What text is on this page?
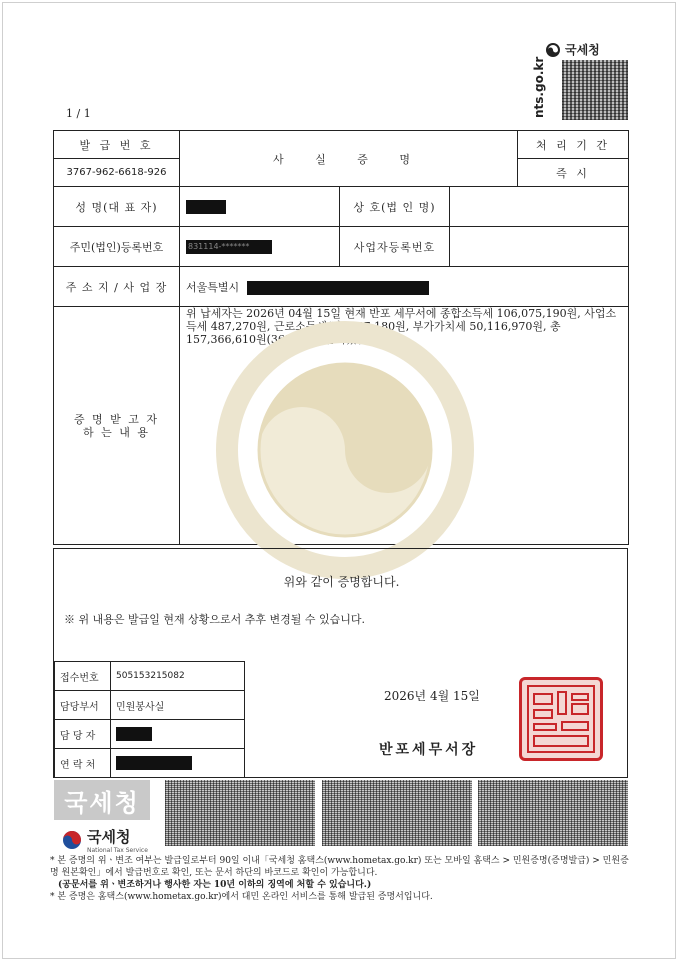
1 / 1
국세청
nts.go.kr
발 급 번 호	사 실 증 명			처 리 기 간
3767-962-6618-926				즉 시
성 명(대 표 자)		상 호(법 인 명)		
주민(법인)등록번호	831114-*******	사업자등록번호		
주 소 지 / 사 업 장	서울특별시			

증 명 받 고 자
하 는 내 용	위 납세자는 2026년 04월 15일 현재 반포 세무서에 종합소득세 106,075,190원, 사업소득세 487,270원, 근로소득세(갑) 687,180원, 부가가치세 50,116,970원, 총 157,366,610원(36건)이 체납되었습니다.			
위와 같이 증명합니다.
※ 위 내용은 발급일 현재 상황으로서 추후 변경될 수 있습니다.
접수번호	505153215082
담당부서	민원봉사실
담 당 자	
연 락 처	
2026년 4월 15일
반포세무서장
국세청
국세청
National Tax Service

* 본 증명의 위ㆍ변조 여부는 발급일로부터 90일 이내「국세청 홈택스(www.hometax.go.kr) 또는 모바일 홈택스 > 민원증명(증명발급) > 민원증명 원본확인」에서 발급번호로 확인, 또는 문서 하단의 바코드로 확인이 가능합니다.

(공문서를 위ㆍ변조하거나 행사한 자는 10년 이하의 징역에 처할 수 있습니다.)

* 본 증명은 홈택스(www.hometax.go.kr)에서 대민 온라인 서비스를 통해 발급된 증명서입니다.
